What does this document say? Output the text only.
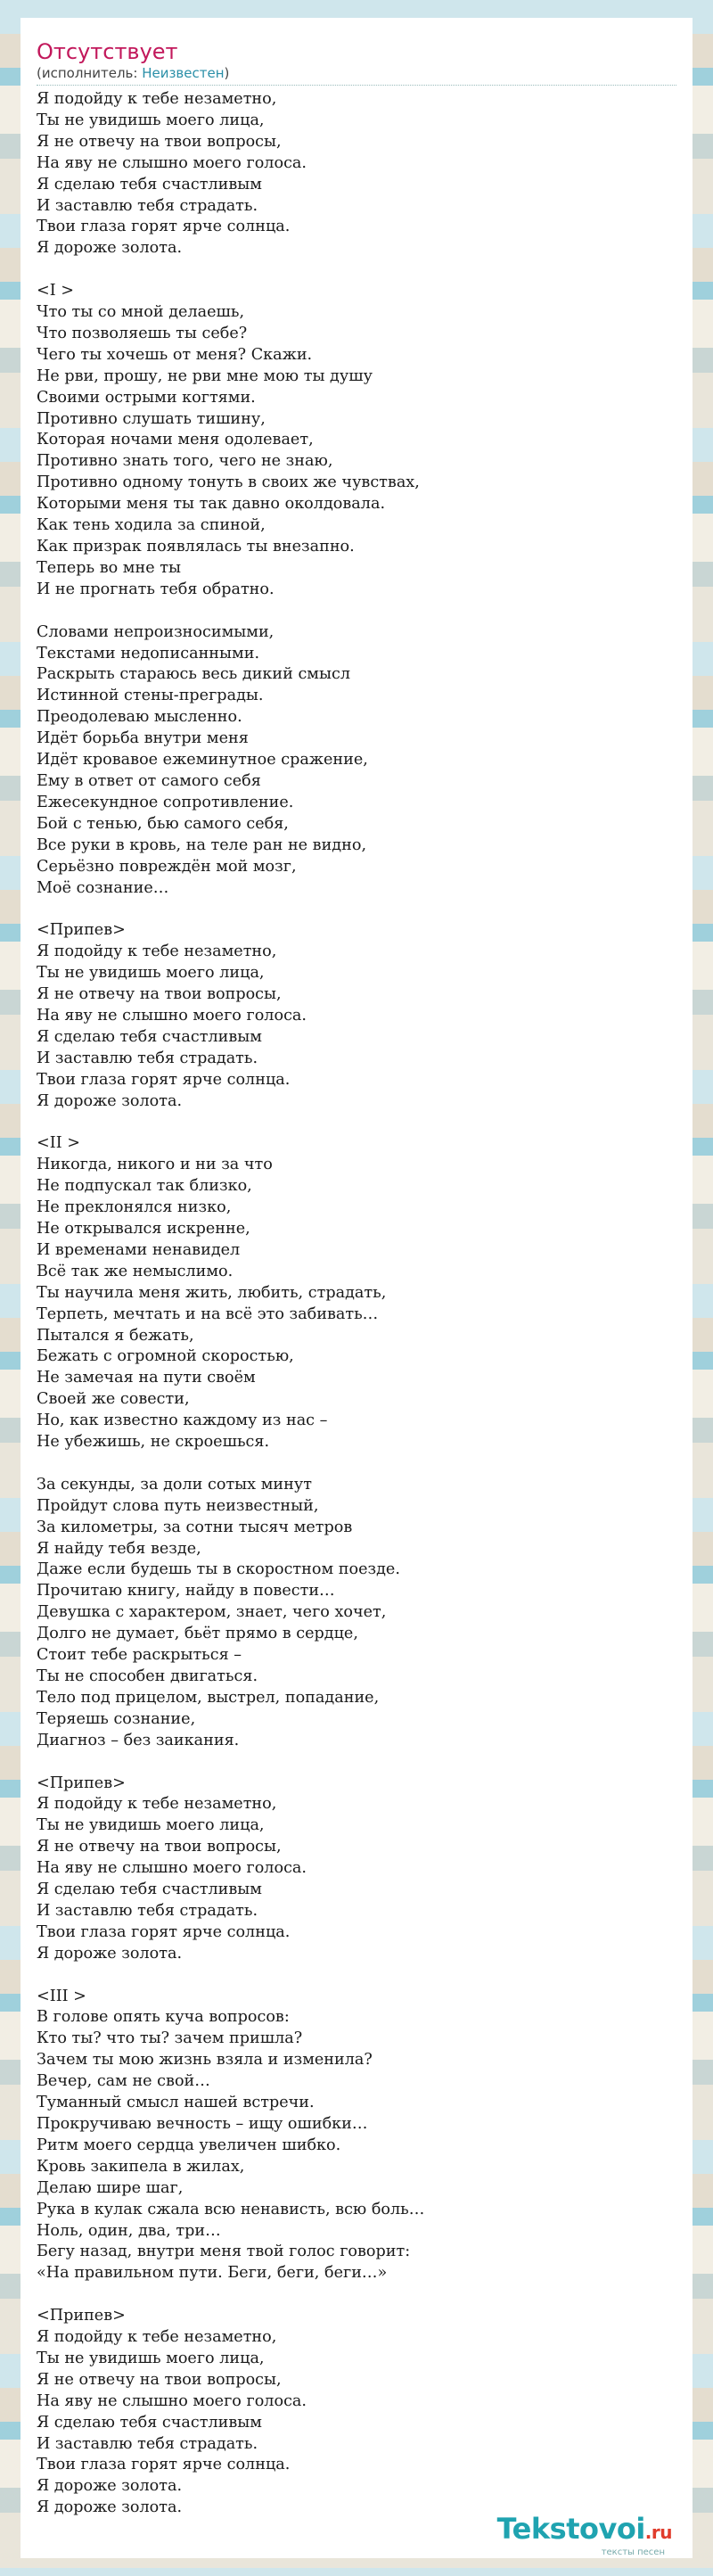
Отсутствует
(исполнитель: Неизвестен)
Я подойду к тебе незаметно,
Ты не увидишь моего лица,
Я не отвечу на твои вопросы,
На яву не слышно моего голоса.
Я сделаю тебя счастливым
И заставлю тебя страдать.
Твои глаза горят ярче солнца.
Я дороже золота.
<I >
Что ты со мной делаешь,
Что позволяешь ты себе?
Чего ты хочешь от меня? Скажи.
Не рви, прошу, не рви мне мою ты душу
Своими острыми когтями.
Противно слушать тишину,
Которая ночами меня одолевает,
Противно знать того, чего не знаю,
Противно одному тонуть в своих же чувствах,
Которыми меня ты так давно околдовала.
Как тень ходила за спиной,
Как призрак появлялась ты внезапно.
Теперь во мне ты
И не прогнать тебя обратно.
Словами непроизносимыми,
Текстами недописанными.
Раскрыть стараюсь весь дикий смысл
Истинной стены-преграды.
Преодолеваю мысленно.
Идёт борьба внутри меня
Идёт кровавое ежеминутное сражение,
Ему в ответ от самого себя
Ежесекундное сопротивление.
Бой с тенью, бью самого себя,
Все руки в кровь, на теле ран не видно,
Серьёзно повреждён мой мозг,
Моё сознание…
<Припев>
Я подойду к тебе незаметно,
Ты не увидишь моего лица,
Я не отвечу на твои вопросы,
На яву не слышно моего голоса.
Я сделаю тебя счастливым
И заставлю тебя страдать.
Твои глаза горят ярче солнца.
Я дороже золота.
<II >
Никогда, никого и ни за что
Не подпускал так близко,
Не преклонялся низко,
Не открывался искренне,
И временами ненавидел
Всё так же немыслимо.
Ты научила меня жить, любить, страдать,
Терпеть, мечтать и на всё это забивать…
Пытался я бежать,
Бежать с огромной скоростью,
Не замечая на пути своём
Своей же совести,
Но, как известно каждому из нас –
Не убежишь, не скроешься.
За секунды, за доли сотых минут
Пройдут слова путь неизвестный,
За километры, за сотни тысяч метров
Я найду тебя везде,
Даже если будешь ты в скоростном поезде.
Прочитаю книгу, найду в повести…
Девушка с характером, знает, чего хочет,
Долго не думает, бьёт прямо в сердце,
Стоит тебе раскрыться –
Ты не способен двигаться.
Тело под прицелом, выстрел, попадание,
Теряешь сознание,
Диагноз – без заикания.
<Припев>
Я подойду к тебе незаметно,
Ты не увидишь моего лица,
Я не отвечу на твои вопросы,
На яву не слышно моего голоса.
Я сделаю тебя счастливым
И заставлю тебя страдать.
Твои глаза горят ярче солнца.
Я дороже золота.
<III >
В голове опять куча вопросов:
Кто ты? что ты? зачем пришла?
Зачем ты мою жизнь взяла и изменила?
Вечер, сам не свой…
Туманный смысл нашей встречи.
Прокручиваю вечность – ищу ошибки…
Ритм моего сердца увеличен шибко.
Кровь закипела в жилах,
Делаю шире шаг,
Рука в кулак сжала всю ненависть, всю боль…
Ноль, один, два, три…
Бегу назад, внутри меня твой голос говорит:
«На правильном пути. Беги, беги, беги…»
<Припев>
Я подойду к тебе незаметно,
Ты не увидишь моего лица,
Я не отвечу на твои вопросы,
На яву не слышно моего голоса.
Я сделаю тебя счастливым
И заставлю тебя страдать.
Твои глаза горят ярче солнца.
Я дороже золота.
Я дороже золота.
Tekstovoi.ru
тексты песен
